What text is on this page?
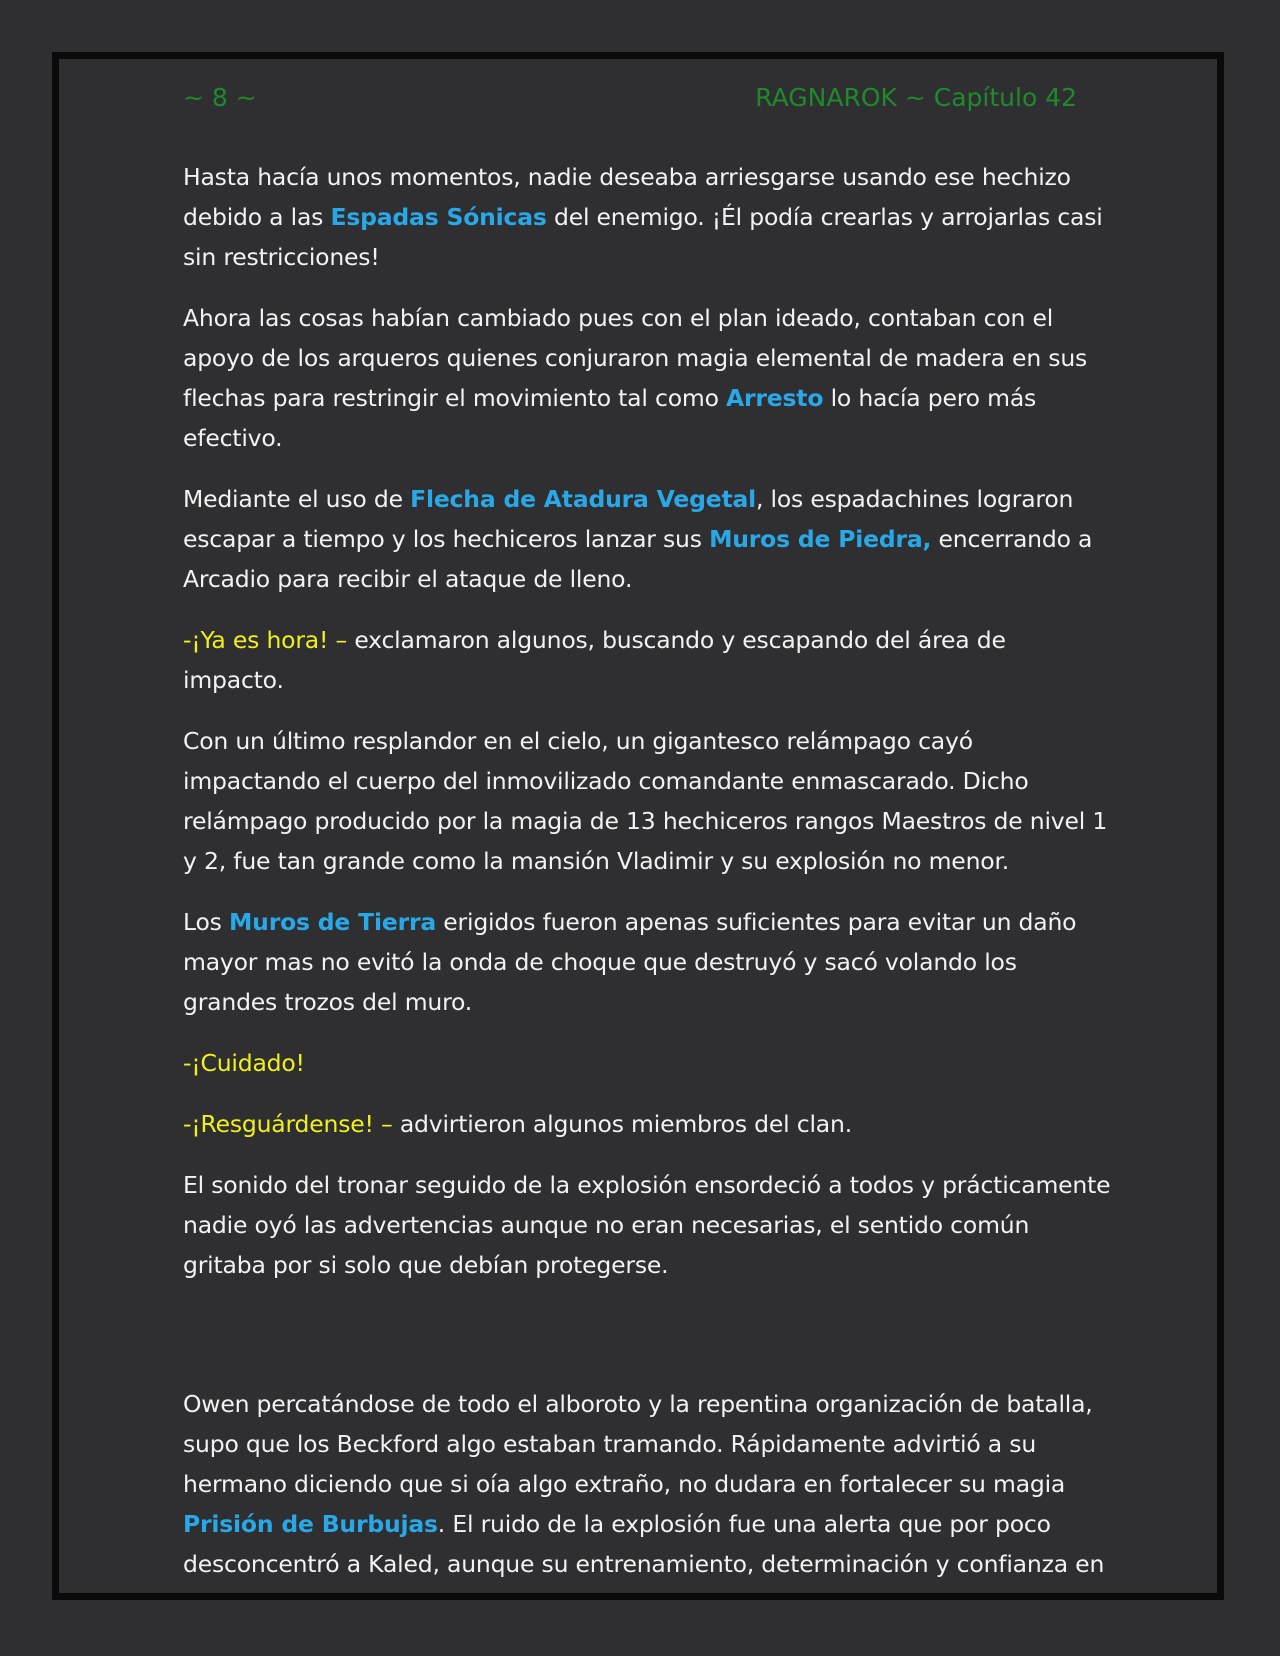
~ 8 ~	RAGNAROK ~ Capítulo 42

Hasta hacía unos momentos, nadie deseaba arriesgarse usando ese hechizo debido a las Espadas Sónicas del enemigo. ¡Él podía crearlas y arrojarlas casi sin restricciones!

Ahora las cosas habían cambiado pues con el plan ideado, contaban con el apoyo de los arqueros quienes conjuraron magia elemental de madera en sus flechas para restringir el movimiento tal como Arresto lo hacía pero más efectivo.

Mediante el uso de Flecha de Atadura Vegetal, los espadachines lograron escapar a tiempo y los hechiceros lanzar sus Muros de Piedra, encerrando a Arcadio para recibir el ataque de lleno.

-¡Ya es hora! – exclamaron algunos, buscando y escapando del área de impacto.

Con un último resplandor en el cielo, un gigantesco relámpago cayó impactando el cuerpo del inmovilizado comandante enmascarado. Dicho relámpago producido por la magia de 13 hechiceros rangos Maestros de nivel 1 y 2, fue tan grande como la mansión Vladimir y su explosión no menor.

Los Muros de Tierra erigidos fueron apenas suficientes para evitar un daño mayor mas no evitó la onda de choque que destruyó y sacó volando los grandes trozos del muro.

-¡Cuidado!

-¡Resguárdense! – advirtieron algunos miembros del clan.

El sonido del tronar seguido de la explosión ensordeció a todos y prácticamente nadie oyó las advertencias aunque no eran necesarias, el sentido común gritaba por si solo que debían protegerse.

Owen percatándose de todo el alboroto y la repentina organización de batalla, supo que los Beckford algo estaban tramando. Rápidamente advirtió a su hermano diciendo que si oía algo extraño, no dudara en fortalecer su magia Prisión de Burbujas. El ruido de la explosión fue una alerta que por poco desconcentró a Kaled, aunque su entrenamiento, determinación y confianza en
